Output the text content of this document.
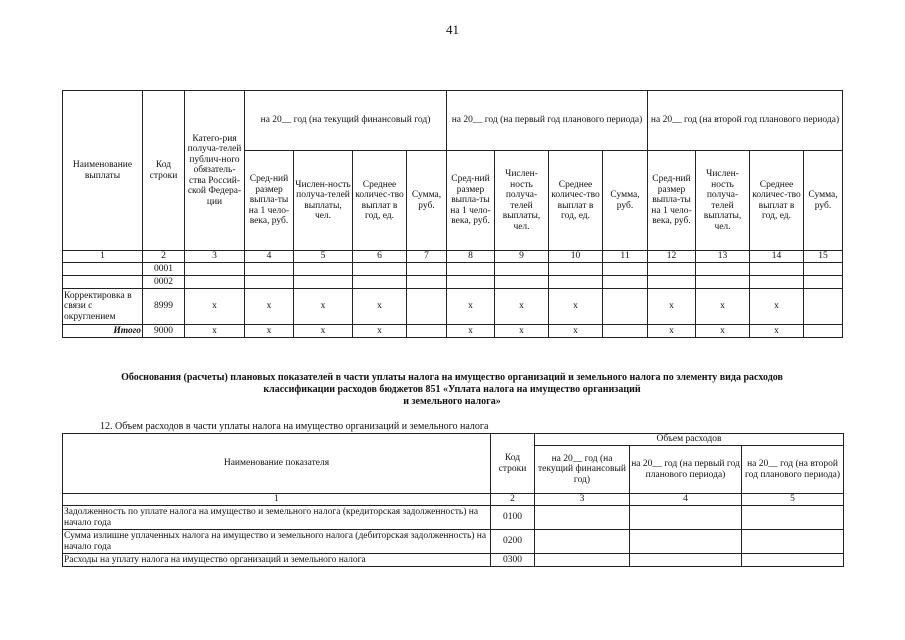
41
Наименование выплаты	Код строки	Катего-рия получа-телей публич-ного обязатель-ства Россий-ской Федера-ции	на 20__ год (на текущий финансовый год)				на 20__ год (на первый год планового периода)				на 20__ год (на второй год планового периода)			
			Сред-ний размер выпла-ты на 1 чело-века, руб.	Числен-ность получа-телей выплаты, чел.	Среднее количес-тво выплат в год, ед.	Сумма, руб.	Сред-ний размер выпла-ты на 1 чело-века, руб.	Числен-ность получа-телей выплаты, чел.	Среднее количес-тво выплат в год, ед.	Сумма, руб.	Сред-ний размер выпла-ты на 1 чело-века, руб.	Числен-ность получа-телей выплаты, чел.	Среднее количес-тво выплат в год, ед.	Сумма, руб.
1	2	3	4	5	6	7	8	9	10	11	12	13	14	15
	0001													
	0002													
Корректировка в связи с округлением	8999	x	x	x	x		x	x	x		x	x	x	
Итого	9000	x	x	x	x		x	x	x		x	x	x	
Обоснования (расчеты) плановых показателей в части уплаты налога на имущество организаций и земельного налога по элементу вида расходов
классификации расходов бюджетов 851 «Уплата налога на имущество организаций
и земельного налога»
12. Объем расходов в части уплаты налога на имущество организаций и земельного налога
Наименование показателя	Код строки	Объем расходов		
		на 20__ год (на текущий финансовый год)	на 20__ год (на первый год планового периода)	на 20__ год (на второй год планового периода)
1	2	3	4	5
Задолженность по уплате налога на имущество и земельного налога (кредиторская задолженность) на начало года	0100			
Сумма излишне уплаченных налога на имущество и земельного налога (дебиторская задолженность) на начало года	0200			
Расходы на уплату налога на имущество организаций и земельного налога	0300			
